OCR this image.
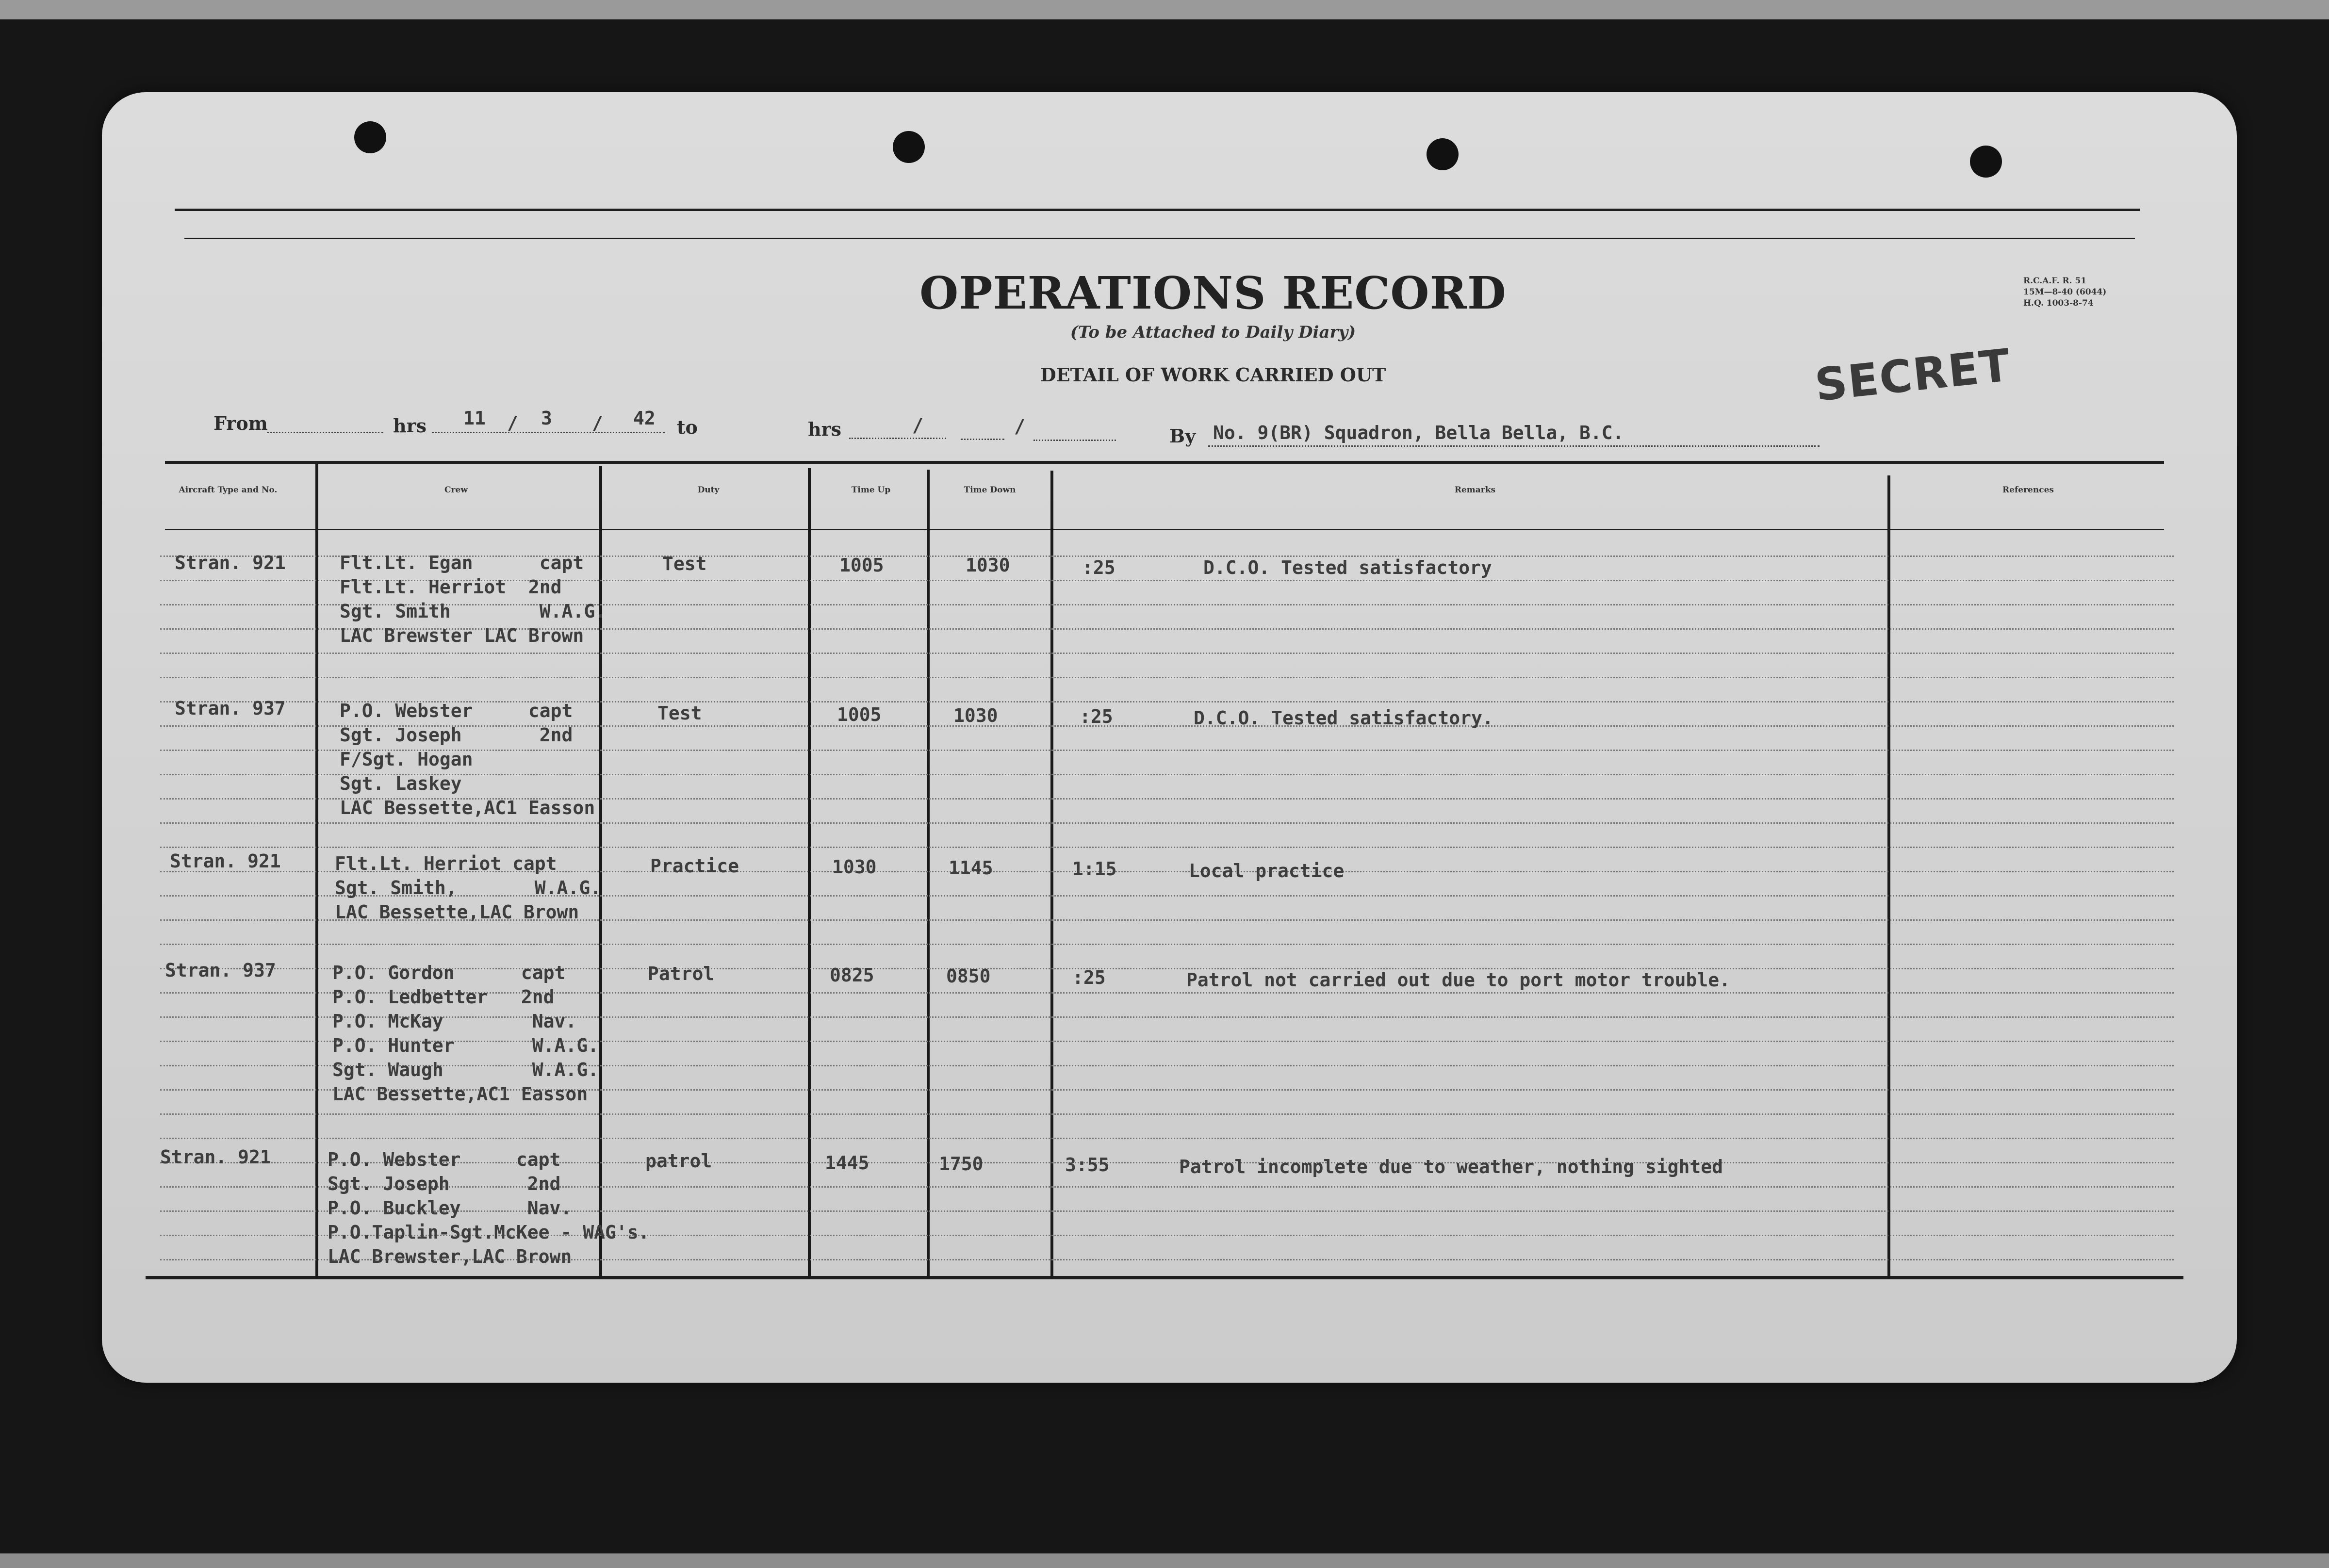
OPERATIONS RECORD
(To be Attached to Daily Diary)
DETAIL OF WORK CARRIED OUT
R.C.A.F. R. 51
15M—8-40 (6044)
H.Q. 1003-8-74
SECRET
From	hrs 11 / 3 / 42 to	hrs	/	/	By No. 9(BR) Squadron, Bella Bella, B.C.
Aircraft Type and No.	Crew	Duty	Time Up	Time Down	Remarks	References
Stran. 921	Flt.Lt. Egan      capt
Flt.Lt. Herriot  2nd
Sgt. Smith        W.A.G.
LAC Brewster LAC Brown
Test	1005	1030	:25	D.C.O. Tested satisfactory
Stran. 937	P.O. Webster     capt
Sgt. Joseph       2nd
F/Sgt. Hogan
Sgt. Laskey
LAC Bessette,AC1 Easson
Test	1005	1030	:25	D.C.O. Tested satisfactory.
Stran. 921	Flt.Lt. Herriot capt
Sgt. Smith,       W.A.G.
LAC Bessette,LAC Brown
Practice	1030	1145	1:15	Local practice
Stran. 937	P.O. Gordon      capt
P.O. Ledbetter   2nd
P.O. McKay        Nav.
P.O. Hunter       W.A.G.
Sgt. Waugh        W.A.G.
LAC Bessette,AC1 Easson
Patrol	0825	0850	:25	Patrol not carried out due to port motor trouble.
Stran. 921	P.O. Webster     capt
Sgt. Joseph       2nd
P.O. Buckley      Nav.
P.O.Taplin-Sgt.McKee - WAG's.
LAC Brewster,LAC Brown
patrol	1445	1750	3:55	Patrol incomplete due to weather, nothing sighted
